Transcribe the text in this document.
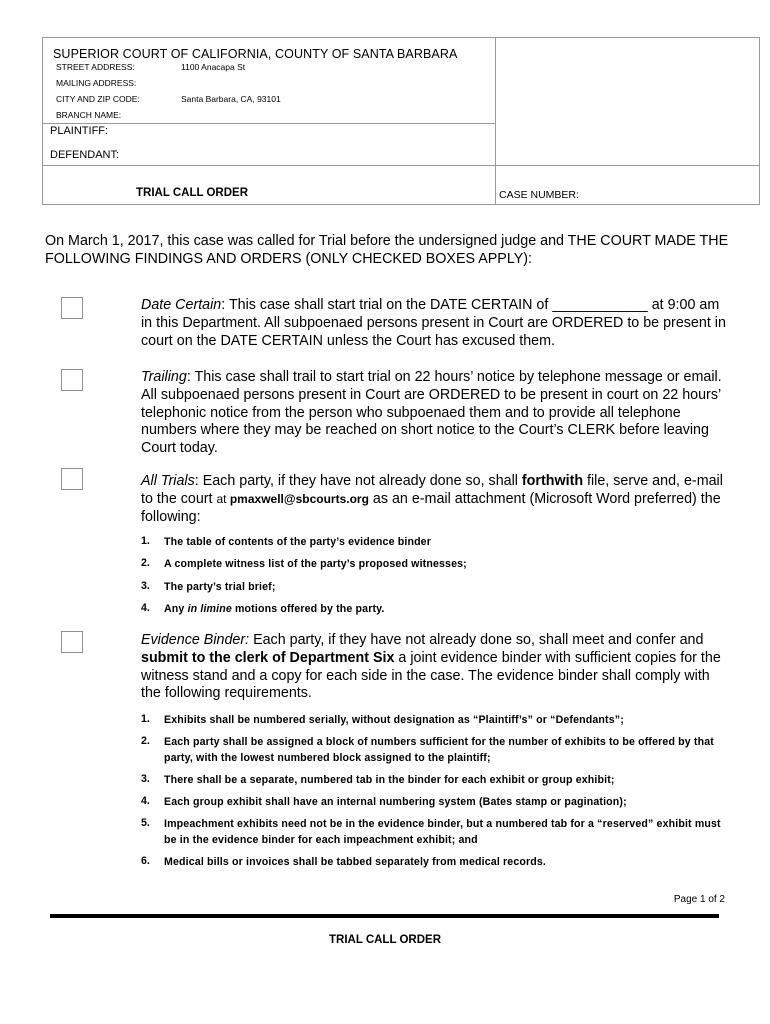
SUPERIOR COURT OF CALIFORNIA, COUNTY OF SANTA BARBARA
STREET ADDRESS:	1100 Anacapa St
MAILING ADDRESS:
CITY AND ZIP CODE:	Santa Barbara, CA, 93101
BRANCH NAME:
PLAINTIFF:
DEFENDANT:
TRIAL CALL ORDER	CASE NUMBER:
On March 1, 2017, this case was called for Trial before the undersigned judge and THE COURT MADE THE FOLLOWING FINDINGS AND ORDERS (ONLY CHECKED BOXES APPLY):
Date Certain: This case shall start trial on the DATE CERTAIN of ____________ at 9:00 am in this Department. All subpoenaed persons present in Court are ORDERED to be present in court on the DATE CERTAIN unless the Court has excused them.
Trailing: This case shall trail to start trial on 22 hours’ notice by telephone message or email. All subpoenaed persons present in Court are ORDERED to be present in court on 22 hours’ telephonic notice from the person who subpoenaed them and to provide all telephone numbers where they may be reached on short notice to the Court’s CLERK before leaving Court today.
All Trials: Each party, if they have not already done so, shall forthwith file, serve and, e-mail to the court at pmaxwell@sbcourts.org as an e-mail attachment (Microsoft Word preferred) the following:
1. The table of contents of the party’s evidence binder
2. A complete witness list of the party’s proposed witnesses;
3. The party’s trial brief;
4. Any in limine motions offered by the party.
Evidence Binder: Each party, if they have not already done so, shall meet and confer and submit to the clerk of Department Six a joint evidence binder with sufficient copies for the witness stand and a copy for each side in the case. The evidence binder shall comply with the following requirements.
1. Exhibits shall be numbered serially, without designation as “Plaintiff’s” or “Defendants”;
2. Each party shall be assigned a block of numbers sufficient for the number of exhibits to be offered by that party, with the lowest numbered block assigned to the plaintiff;
3. There shall be a separate, numbered tab in the binder for each exhibit or group exhibit;
4. Each group exhibit shall have an internal numbering system (Bates stamp or pagination);
5. Impeachment exhibits need not be in the evidence binder, but a numbered tab for a “reserved” exhibit must be in the evidence binder for each impeachment exhibit; and
6. Medical bills or invoices shall be tabbed separately from medical records.
Page 1 of 2
TRIAL CALL ORDER
